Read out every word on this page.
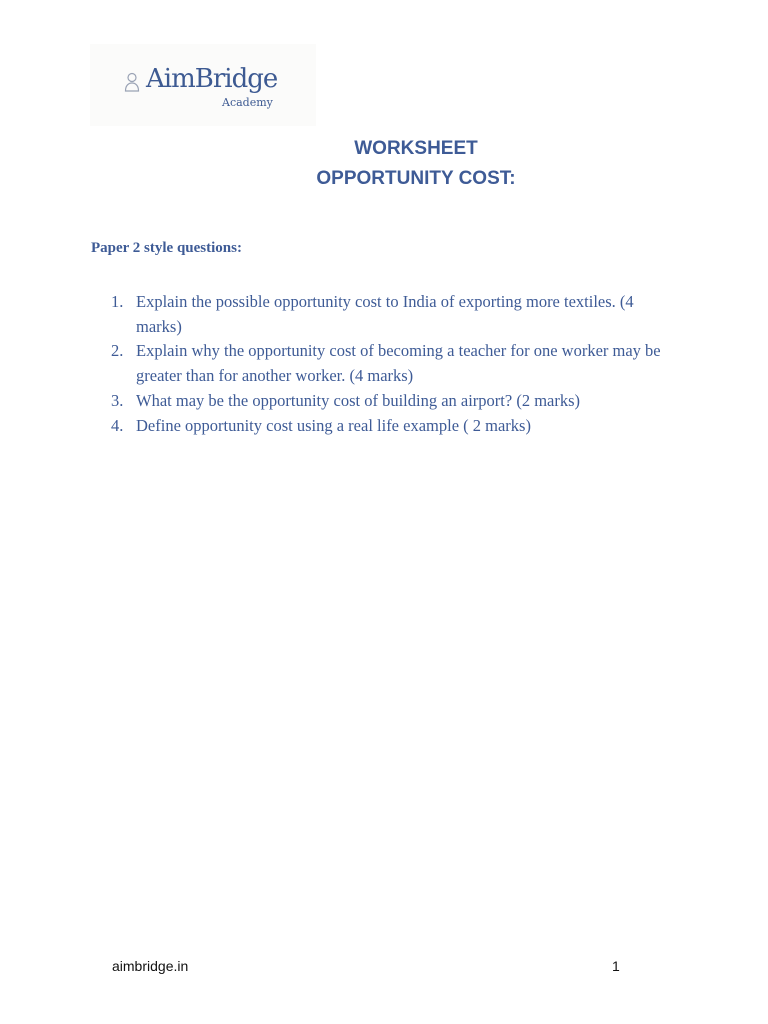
AimBridge
Academy
WORKSHEET
OPPORTUNITY COST:
Paper 2 style questions:
1. Explain the possible opportunity cost to India of exporting more textiles. (4 marks)
2. Explain why the opportunity cost of becoming a teacher for one worker may be greater than for another worker. (4 marks)
3. What may be the opportunity cost of building an airport? (2 marks)
4. Define opportunity cost using a real life example ( 2 marks)
aimbridge.in	1
